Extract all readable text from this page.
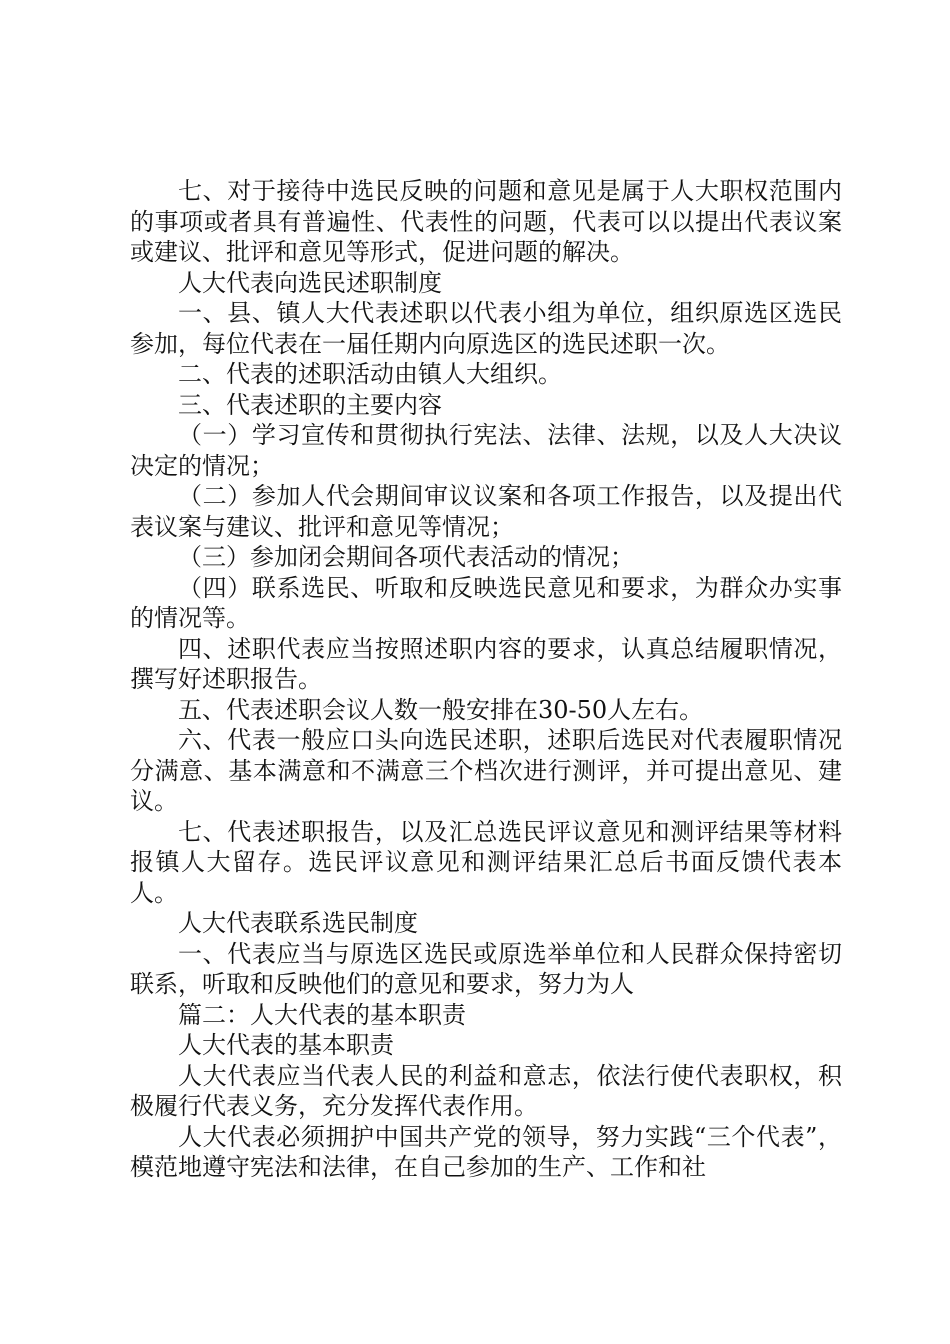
七、对于接待中选民反映的问题和意见是属于人大职权范围内的事项或者具有普遍性、代表性的问题，代表可以以提出代表议案或建议、批评和意见等形式，促进问题的解决。

人大代表向选民述职制度

一、县、镇人大代表述职以代表小组为单位，组织原选区选民参加，每位代表在一届任期内向原选区的选民述职一次。

二、代表的述职活动由镇人大组织。

三、代表述职的主要内容

（一）学习宣传和贯彻执行宪法、法律、法规，以及人大决议决定的情况；

（二）参加人代会期间审议议案和各项工作报告，以及提出代表议案与建议、批评和意见等情况；

（三）参加闭会期间各项代表活动的情况；

（四）联系选民、听取和反映选民意见和要求，为群众办实事的情况等。

四、述职代表应当按照述职内容的要求，认真总结履职情况，撰写好述职报告。

五、代表述职会议人数一般安排在30-50人左右。

六、代表一般应口头向选民述职，述职后选民对代表履职情况分满意、基本满意和不满意三个档次进行测评，并可提出意见、建议。

七、代表述职报告，以及汇总选民评议意见和测评结果等材料报镇人大留存。选民评议意见和测评结果汇总后书面反馈代表本人。

人大代表联系选民制度

一、代表应当与原选区选民或原选举单位和人民群众保持密切联系，听取和反映他们的意见和要求，努力为人

篇二：人大代表的基本职责

人大代表的基本职责

人大代表应当代表人民的利益和意志，依法行使代表职权，积极履行代表义务，充分发挥代表作用。

人大代表必须拥护中国共产党的领导，努力实践“三个代表”，模范地遵守宪法和法律，在自己参加的生产、工作和社
